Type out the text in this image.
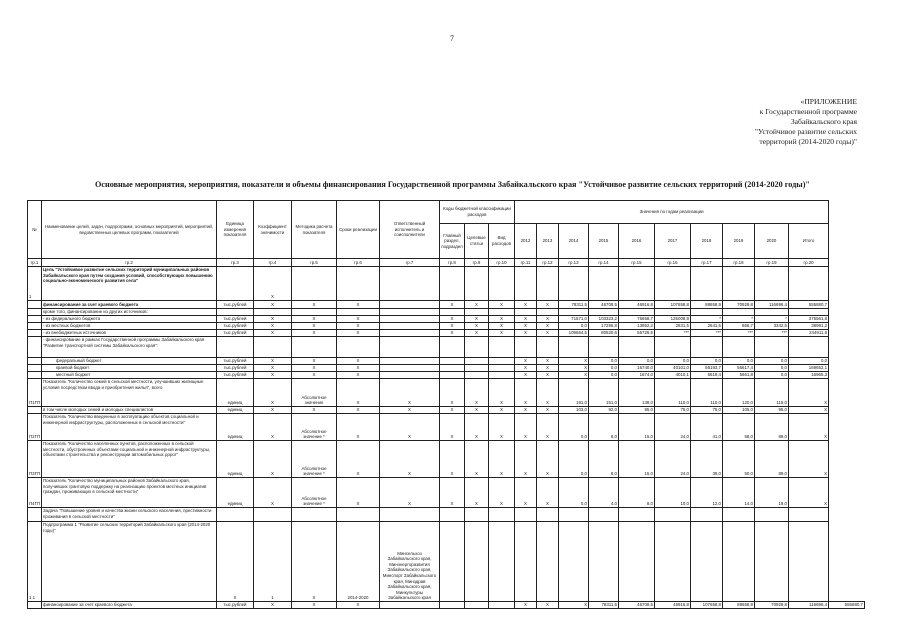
7
«ПРИЛОЖЕНИЕ
к Государственной программе
Забайкальского края
"Устойчивое развитие сельских
территорий (2014-2020 годы)"
Основные мероприятия, мероприятия, показатели и объемы финансирования Государственной программы Забайкальского края "Устойчивое развитие сельских территорий (2014-2020 годы)"
№	Наименование целей, задач, подпрограмм, основных мероприятий, мероприятий, ведомственных целевых программ, показателей	Единица измерения показателя	Коэффициент значимости	Методика расчета показателя	Сроки реализации	Ответственный исполнитель и соисполнители	Коды бюджетной классификации расходов			Значения по годам реализации										
							Главный раздел, подраздел	Целевые статьи	Вид расходов	2012	2013	2014	2015	2016	2017	2018	2019	2020	Итого	
гр.1	гр.2	гр.3	гр.4	гр.5	гр.6	гр.7	гр.8	гр.9	гр.10	гр.11	гр.12	гр.13	гр.14	гр.15	гр.16	гр.17	гр.18	гр.19	гр.20	
1	Цель "Устойчивое развитие сельских территорий муниципальных районов Забайкальского края путем создания условий, способствующих повышению социально-экономического развития села"		X																	
	финансирование за счет краевого бюджета	тыс.рублей	X	X	X		X	X	X	X	X	78311,5	46708,5	46916,8	107658,8	88658,9	70929,8	116696,4	555880,7	
	кроме того, финансирование из других источников:																			
	- из федерального бюджета	тыс.рублей	X	X	X		X	X	X	X	X	71571,0	103323,2	76658,7	125008,9	*	*	*	376561,8	
	- из местных бюджетов	тыс.рублей	X	X	X		X	X	X	X	X	0,0	17296,8	13952,2	2831,5	2641,5	866,7	3342,5	38991,2	
	- из внебюджетных источников	тыс.рублей	X	X	X		X	X	X	X	X	109664,5	80520,6	55726,5	***	***	***	***	244911,6	
	- финансирование в рамках Государственной программы Забайкальского края "Развитие транспортной системы Забайкальского края":																			
	федеральный бюджет	тыс.рублей	X	X	X					X	X	X	0,0	0,0	0,0	0,0	0,0	0,0	0,0	
	краевой бюджет	тыс.рублей	X	X	X					X	X	X	0,0	16740,0	40101,0	56193,7	56617,4	0,0	169652,1	
	местный бюджет	тыс.рублей	X	X	X					X	X	X	0,0	1674,0	4010,1	5619,4	5661,8	0,0	16965,3	
П1ГП	Показатель "Количество семей в сельской местности, улучшивших жилищные условия посредством ввода и приобретения жилья", всего	единиц	X	Абсолютное значение	X	X	X	X	X	X	X	191,0	151,0	138,0	110,0	110,0	120,0	115,0	X	
	в том числе молодых семей и молодых специалистов	единиц	X	X	X	X	X	X	X	X	X	103,0	92,0	95,0	75,0	75,0	105,0	95,0	X	
П2ГП	Показатель "Количество введенных в эксплуатацию объектов социальной и инженерной инфраструктуры, расположенных в сельской местности"	единиц	X	Абсолютное значение *	X	X	X	X	X	X	X	0,0	8,0	15,0	24,0	41,0	58,0	89,0	X	
П3ГП	Показатель "Количество населенных пунктов, расположенных в сельской местности, обустроенных объектами социальной и инженерной инфраструктуры, объектами строительства и реконструкции автомобильных дорог"	единиц	X	Абсолютное значение *	X	X	X	X	X	X	X	0,0	8,0	15,0	24,0	39,0	50,0	89,0	X	
П4ГП	Показатель "Количество муниципальных районов Забайкальского края, получивших грантовую поддержку на реализацию проектов местных инициатив граждан, проживающих в сельской местности"	единиц	X	Абсолютное значение *	X	X	X	X	X	X	X	0,0	4,0	8,0	10,0	12,0	14,0	19,0	X	
	Задача "Повышение уровня и качества жизни сельского населения, престижности проживания в сельской местности"																			
1.1	Подпрограмма 1 "Развитие сельских территорий Забайкальского края (2014-2020 годы)"	X	1	X	2014-2020	Минсельхоз Забайкальского края, Минэнергоразвития Забайкальского края, Минспорт Забайкальского края, Минздрав Забайкальского края, Минкультуры Забайкальского края														
	финансирование за счет краевого бюджета	тыс.рублей	X	X	X					X	X	X	78311,5	46708,5	46916,8	107658,8	88658,9	70929,8	116696,4	555880,7
